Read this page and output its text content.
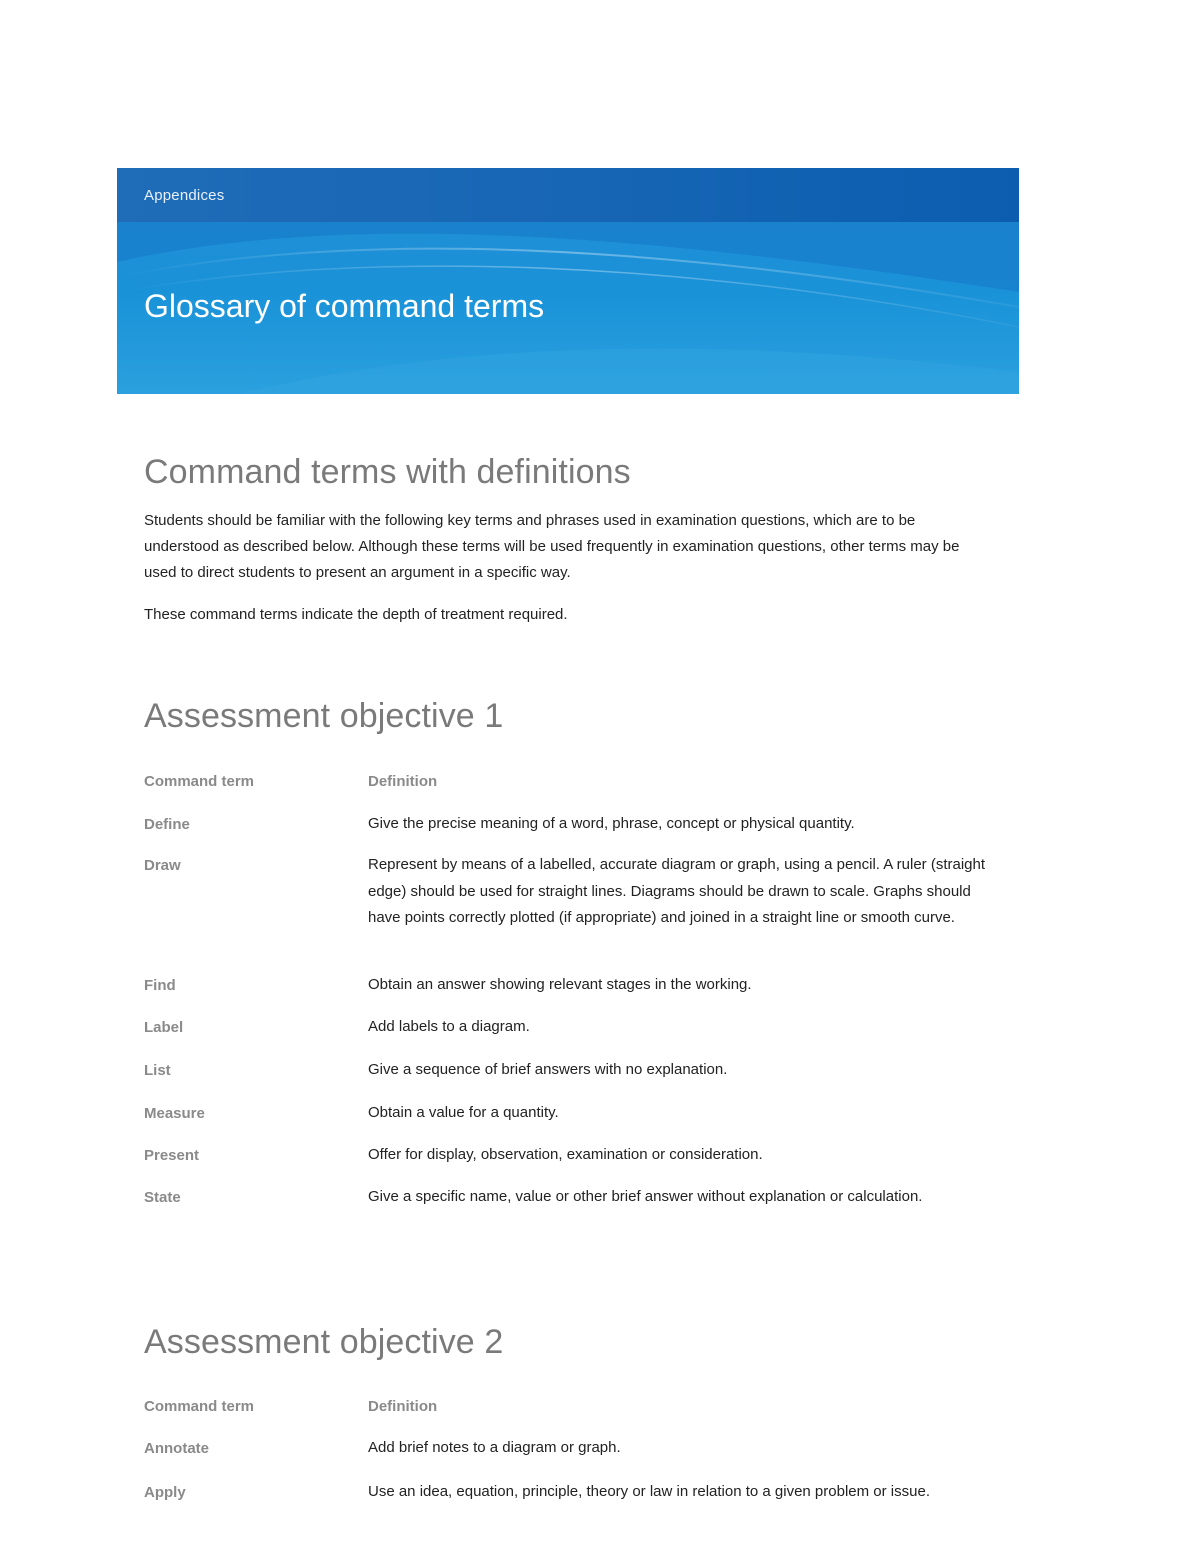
Appendices
Glossary of command terms
Command terms with definitions

Students should be familiar with the following key terms and phrases used in examination questions, which are to be understood as described below. Although these terms will be used frequently in examination questions, other terms may be used to direct students to present an argument in a specific way.

These command terms indicate the depth of treatment required.

Assessment objective 1
Command term	Definition
Define	Give the precise meaning of a word, phrase, concept or physical quantity.
Draw	Represent by means of a labelled, accurate diagram or graph, using a pencil. A ruler (straight edge) should be used for straight lines. Diagrams should be drawn to scale. Graphs should have points correctly plotted (if appropriate) and joined in a straight line or smooth curve.
Find	Obtain an answer showing relevant stages in the working.
Label	Add labels to a diagram.
List	Give a sequence of brief answers with no explanation.
Measure	Obtain a value for a quantity.
Present	Offer for display, observation, examination or consideration.
State	Give a specific name, value or other brief answer without explanation or calculation.
Assessment objective 2
Command term	Definition
Annotate	Add brief notes to a diagram or graph.
Apply	Use an idea, equation, principle, theory or law in relation to a given problem or issue.
